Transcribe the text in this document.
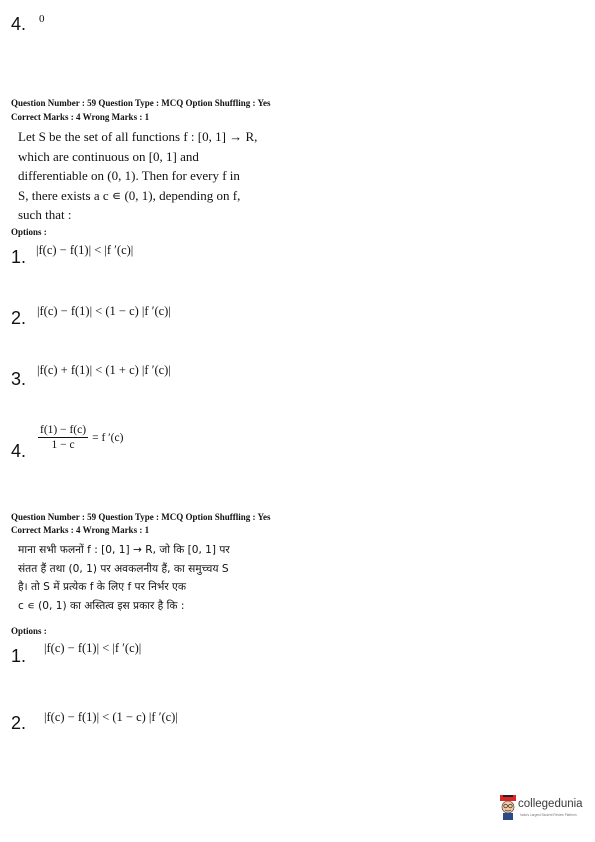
4. 0
Question Number : 59 Question Type : MCQ Option Shuffling : Yes
Correct Marks : 4 Wrong Marks : 1
Let S be the set of all functions f : [0, 1] → R,
which are continuous on [0, 1] and
differentiable on (0, 1). Then for every f in
S, there exists a c ∊ (0, 1), depending on f,
such that :
Options :
1. |f(c) − f(1)| < |f ′(c)|
2. |f(c) − f(1)| < (1 − c) |f ′(c)|
3. |f(c) + f(1)| < (1 + c) |f ′(c)|
4. $\frac{f(1) - f(c)}{1 - c} = f$ ′(c)
Question Number : 59 Question Type : MCQ Option Shuffling : Yes
Correct Marks : 4 Wrong Marks : 1
माना सभी फलनों f : [0, 1] → R, जो कि [0, 1] पर
संतत हैं तथा (0, 1) पर अवकलनीय हैं, का समुच्चय S
है। तो S में प्रत्येक f के लिए f पर निर्भर एक
c ∊ (0, 1) का अस्तित्व इस प्रकार है कि :
Options :
1. |f(c) − f(1)| < |f ′(c)|
2. |f(c) − f(1)| < (1 − c) |f ′(c)|
collegedunia
India's Largest Student Review Platform
